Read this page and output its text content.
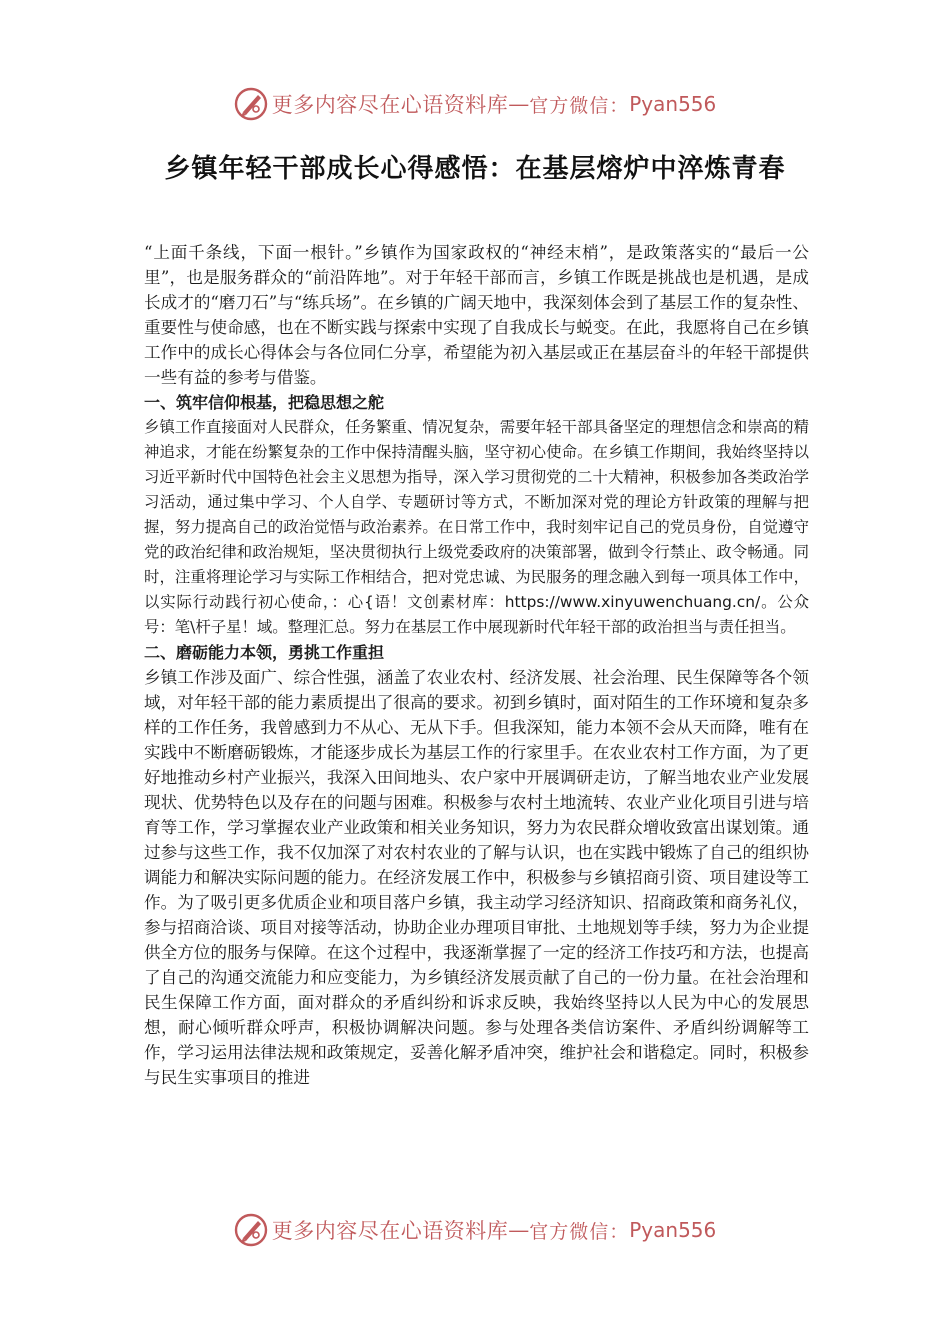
更多内容尽在心语资料库 — 官方微信： Pyan556
乡镇年轻干部成长心得感悟：在基层熔炉中淬炼青春

“上面千条线，下面一根针。”乡镇作为国家政权的“神经末梢”，是政策落实的“最后一公里”，也是服务群众的“前沿阵地”。对于年轻干部而言，乡镇工作既是挑战也是机遇，是成长成才的“磨刀石”与“练兵场”。在乡镇的广阔天地中，我深刻体会到了基层工作的复杂性、重要性与使命感，也在不断实践与探索中实现了自我成长与蜕变。在此，我愿将自己在乡镇工作中的成长心得体会与各位同仁分享，希望能为初入基层或正在基层奋斗的年轻干部提供一些有益的参考与借鉴。

一、筑牢信仰根基，把稳思想之舵

乡镇工作直接面对人民群众，任务繁重、情况复杂，需要年轻干部具备坚定的理想信念和崇高的精神追求，才能在纷繁复杂的工作中保持清醒头脑，坚守初心使命。在乡镇工作期间，我始终坚持以习近平新时代中国特色社会主义思想为指导，深入学习贯彻党的二十大精神，积极参加各类政治学习活动，通过集中学习、个人自学、专题研讨等方式，不断加深对党的理论方针政策的理解与把握，努力提高自己的政治觉悟与政治素养。在日常工作中，我时刻牢记自己的党员身份，自觉遵守党的政治纪律和政治规矩，坚决贯彻执行上级党委政府的决策部署，做到令行禁止、政令畅通。同时，注重将理论学习与实际工作相结合，把对党忠诚、为民服务的理念融入到每一项具体工作中，以实际行动践行初心使命，：心{语！文创素材库：https://www.xinyuwenchuang.cn/。公众号：笔\杆子星！域。整理汇总。努力在基层工作中展现新时代年轻干部的政治担当与责任担当。

二、磨砺能力本领，勇挑工作重担

乡镇工作涉及面广、综合性强，涵盖了农业农村、经济发展、社会治理、民生保障等各个领域，对年轻干部的能力素质提出了很高的要求。初到乡镇时，面对陌生的工作环境和复杂多样的工作任务，我曾感到力不从心、无从下手。但我深知，能力本领不会从天而降，唯有在实践中不断磨砺锻炼，才能逐步成长为基层工作的行家里手。在农业农村工作方面，为了更好地推动乡村产业振兴，我深入田间地头、农户家中开展调研走访，了解当地农业产业发展现状、优势特色以及存在的问题与困难。积极参与农村土地流转、农业产业化项目引进与培育等工作，学习掌握农业产业政策和相关业务知识，努力为农民群众增收致富出谋划策。通过参与这些工作，我不仅加深了对农村农业的了解与认识，也在实践中锻炼了自己的组织协调能力和解决实际问题的能力。在经济发展工作中，积极参与乡镇招商引资、项目建设等工作。为了吸引更多优质企业和项目落户乡镇，我主动学习经济知识、招商政策和商务礼仪，参与招商洽谈、项目对接等活动，协助企业办理项目审批、土地规划等手续，努力为企业提供全方位的服务与保障。在这个过程中，我逐渐掌握了一定的经济工作技巧和方法，也提高了自己的沟通交流能力和应变能力，为乡镇经济发展贡献了自己的一份力量。在社会治理和民生保障工作方面，面对群众的矛盾纠纷和诉求反映，我始终坚持以人民为中心的发展思想，耐心倾听群众呼声，积极协调解决问题。参与处理各类信访案件、矛盾纠纷调解等工作，学习运用法律法规和政策规定，妥善化解矛盾冲突，维护社会和谐稳定。同时，积极参与民生实事项目的推进

更多内容尽在心语资料库 — 官方微信： Pyan556
